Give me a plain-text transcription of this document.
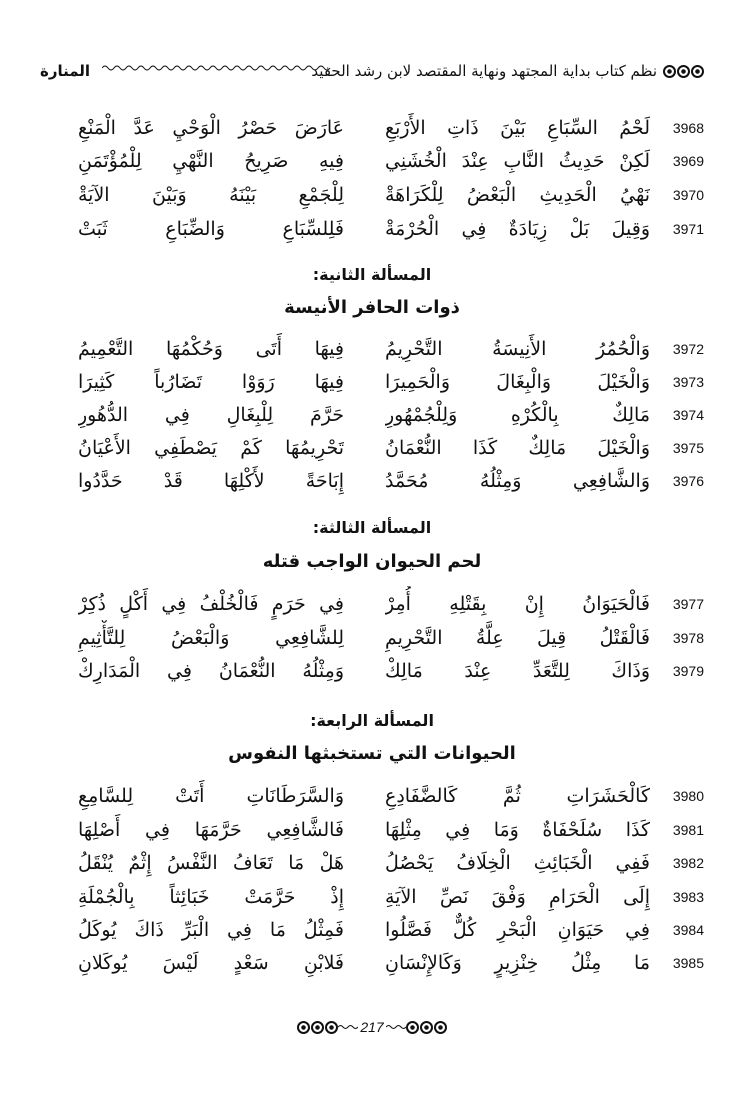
نظم كتاب بداية المجتهد ونهاية المقتصد لابن رشد الحفيد
المنارة
3968
لَحْمُ السِّبَاعِ بَيْنَ ذَاتِ الأَرْبَعِ
عَارَضَ حَصْرُ الْوَحْيِ عَدَّ الْمَنْعِ
3969
لَكِنْ حَدِيثُ النَّابِ عِنْدَ الْخُشَنِي
فِيهِ صَرِيحُ النَّهْيِ لِلْمُؤْتَمَنِ
3970
نَهْيُ الْحَدِيثِ الْبَعْضُ لِلْكَرَاهَةْ
لِلْجَمْعِ بَيْنَهُ وَبَيْنَ الآيَةْ
3971
وَقِيلَ بَلْ زِيَادَةٌ فِي الْحُرْمَةْ
فَلِلسِّبَاعِ وَالضِّبَاعِ ثَبَتْ
المسألة الثانية:
ذوات الحافر الأنيسة
3972
وَالْحُمُرُ الأَنِيسَةُ التَّحْرِيمُ
فِيهَا أَتَى وَحُكْمُهَا التَّعْمِيمُ
3973
وَالْخَيْلَ وَالْبِغَالَ وَالْحَمِيرَا
فِيهَا رَوَوْا تَضَارُباً كَثِيرَا
3974
مَالِكٌ بِالْكُرْهِ وَلِلْجُمْهُورِ
حَرَّمَ لِلْبِغَالِ فِي الدُّهُورِ
3975
وَالْخَيْلَ مَالِكٌ كَذَا النُّعْمَانُ
تَحْرِيمُهَا كَمْ يَصْطَفِي الأَعْيَانُ
3976
وَالشَّافِعِي وَمِثْلُهُ مُحَمَّدُ
إِبَاحَةً لأَكْلِهَا قَدْ حَدَّدُوا
المسألة الثالثة:
لحم الحيوان الواجب قتله
3977
فَالْحَيَوَانُ إِنْ بِقَتْلِهِ أُمِرْ
فِي حَرَمٍ فَالْخُلْفُ فِي أَكْلٍ ذُكِرْ
3978
فَالْقَتْلُ قِيلَ عِلَّةُ التَّحْرِيمِ
لِلشَّافِعِي وَالْبَعْضُ لِلتَّأْثِيمِ
3979
وَذَاكَ لِلتَّعَدِّ عِنْدَ مَالِكْ
وَمِثْلُهُ النُّعْمَانُ فِي الْمَدَارِكْ
المسألة الرابعة:
الحيوانات التي تستخبثها النفوس
3980
كَالْحَشَرَاتِ ثُمَّ كَالضَّفَادِعِ
وَالسَّرَطَانَاتِ أَتَتْ لِلسَّامِعِ
3981
كَذَا سُلَحْفَاةٌ وَمَا فِي مِثْلِهَا
فَالشَّافِعِي حَرَّمَهَا فِي أَصْلِهَا
3982
فَفِي الْخَبَائِثِ الْخِلَافُ يَحْصُلُ
هَلْ مَا تَعَافُ النَّفْسُ إِثْمٌ يُنْقَلُ
3983
إِلَى الْحَرَامِ وَفْقَ نَصِّ الآيَةِ
إِذْ حَرَّمَتْ خَبَائِثاً بِالْجُمْلَةِ
3984
فِي حَيَوَانِ الْبَحْرِ كُلٌّ فَصَّلُوا
فَمِثْلُ مَا فِي الْبَرِّ ذَاكَ يُوكَلُ
3985
مَا مِثْلُ خِنْزِيرٍ وَكَالإِنْسَانِ
فَلابْنِ سَعْدٍ لَيْسَ يُوكَلانِ
217
